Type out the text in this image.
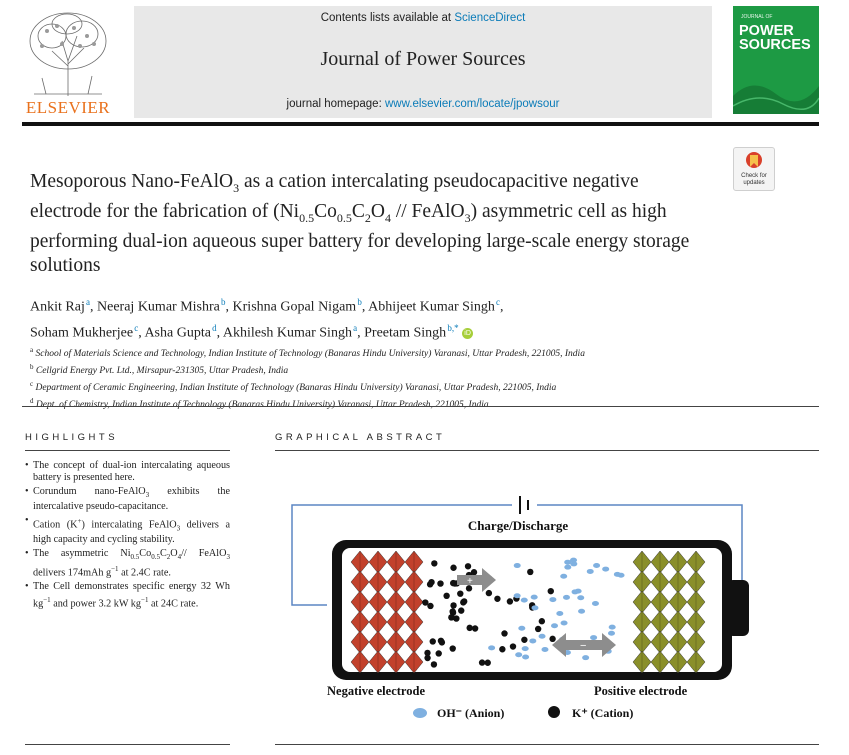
ELSEVIER
Contents lists available at ScienceDirect
Journal of Power Sources
journal homepage: www.elsevier.com/locate/jpowsour
JOURNAL OF
POWER
SOURCES
Check for updates
Mesoporous Nano-FeAlO$_3$ as a cation intercalating pseudocapacitive negative electrode for the fabrication of ($Ni_{0.5}Co_{0.5}C_2O_4$ // FeAlO$_3$) asymmetric cell as high performing dual-ion aqueous super battery for developing large-scale energy storage solutions
Ankit Raj $^a$, Neeraj Kumar Mishra $^b$, Krishna Gopal Nigam $^b$, Abhijeet Kumar Singh $^c$,
Soham Mukherjee $^c$, Asha Gupta $^d$, Akhilesh Kumar Singh $^a$, Preetam Singh $^{b,*}$ iD
$^a$ School of Materials Science and Technology, Indian Institute of Technology (Banaras Hindu University) Varanasi, Uttar Pradesh, 221005, India
$^b$ Cellgrid Energy Pvt. Ltd., Mirsapur-231305, Uttar Pradesh, India
$^c$ Department of Ceramic Engineering, Indian Institute of Technology (Banaras Hindu University) Varanasi, Uttar Pradesh, 221005, India
$^d$
HIGHLIGHTS
• The concept of dual-ion intercalating aqueous battery is presented here.
• Corundum nano-FeAlO$_3$ exhibits the intercalative pseudo-capacitance.
• Cation (K+) intercalating FeAlO$_3$ delivers a high capacity and cycling stability.
• The asymmetric $Ni_{0.5}Co_{0.5}C_2O_4//$ FeAlO$_3$ delivers 174mAh $g^{-1}$ at 2.4C rate.
• The Cell demonstrates specific energy 32 Wh $kg^{-1}$ and power 3.2 kW $kg^{-1}$ at 24C rate.
GRAPHICAL ABSTRACT
Charge/Discharge
+
−
Negative electrode	Positive electrode
OH⁻ (Anion)	K⁺ (Cation)
